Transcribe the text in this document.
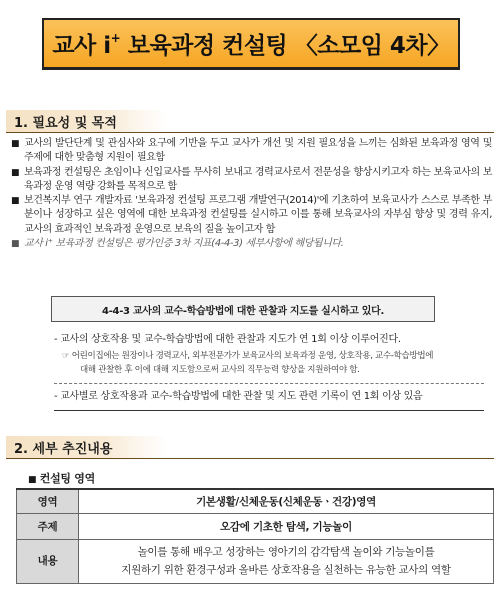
교사 i+ 보육과정 컨설팅 〈소모임 4차〉
1. 필요성 및 목적
■ 교사의 발단단계 및 관심사와 요구에 기반을 두고 교사가 개선 및 지원 필요성을 느끼는 심화된 보육과정 영역 및 주제에 대한 맞춤형 지원이 필요함
■ 보육과정 컨설팅은 초임이나 신입교사를 무사히 보내고 경력교사로서 전문성을 향상시키고자 하는 보육교사의 보육과정 운영 역량 강화를 목적으로 함
■ 보건복지부 연구 개발자료 '보육과정 컨설팅 프로그램 개발연구(2014)'에 기초하여 보육교사가 스스로 부족한 부분이나 성장하고 싶은 영역에 대한 보육과정 컨설팅를 실시하고 이를 통해 보육교사의 자부심 향상 및 경력 유지, 교사의 효과적인 보육과정 운영으로 보육의 질을 높이고자 함
■ 교사 i⁺ 보육과정 컨설팅은 평가인증 3차 지표(4-4-3) 세부사항에 해당됩니다.
4-4-3 교사의 교수-학습방법에 대한 관찰과 지도를 실시하고 있다.
- 교사의 상호작용 및 교수-학습방법에 대한 관찰과 지도가 연 1회 이상 이루어진다.
☞ 어린이집에는 원장이나 경력교사, 외부전문가가 보육교사의 보육과정 운영, 상호작용, 교수-학습방법에
대해 관찰한 후 이에 대해 지도함으로써 교사의 직무능력 향상을 지원하여야 함.
- 교사별로 상호작용과 교수-학습방법에 대한 관찰 및 지도 관련 기록이 연 1회 이상 있음
2. 세부 추진내용
■ 컨설팅 영역
영역	기본생활/신체운동(신체운동ㆍ건강)영역
주제	오감에 기초한 탐색, 기능놀이
내용	놀이를 통해 배우고 성장하는 영아기의 감각탐색 놀이와 기능놀이를
지원하기 위한 환경구성과 올바른 상호작용을 실천하는 유능한 교사의 역할
